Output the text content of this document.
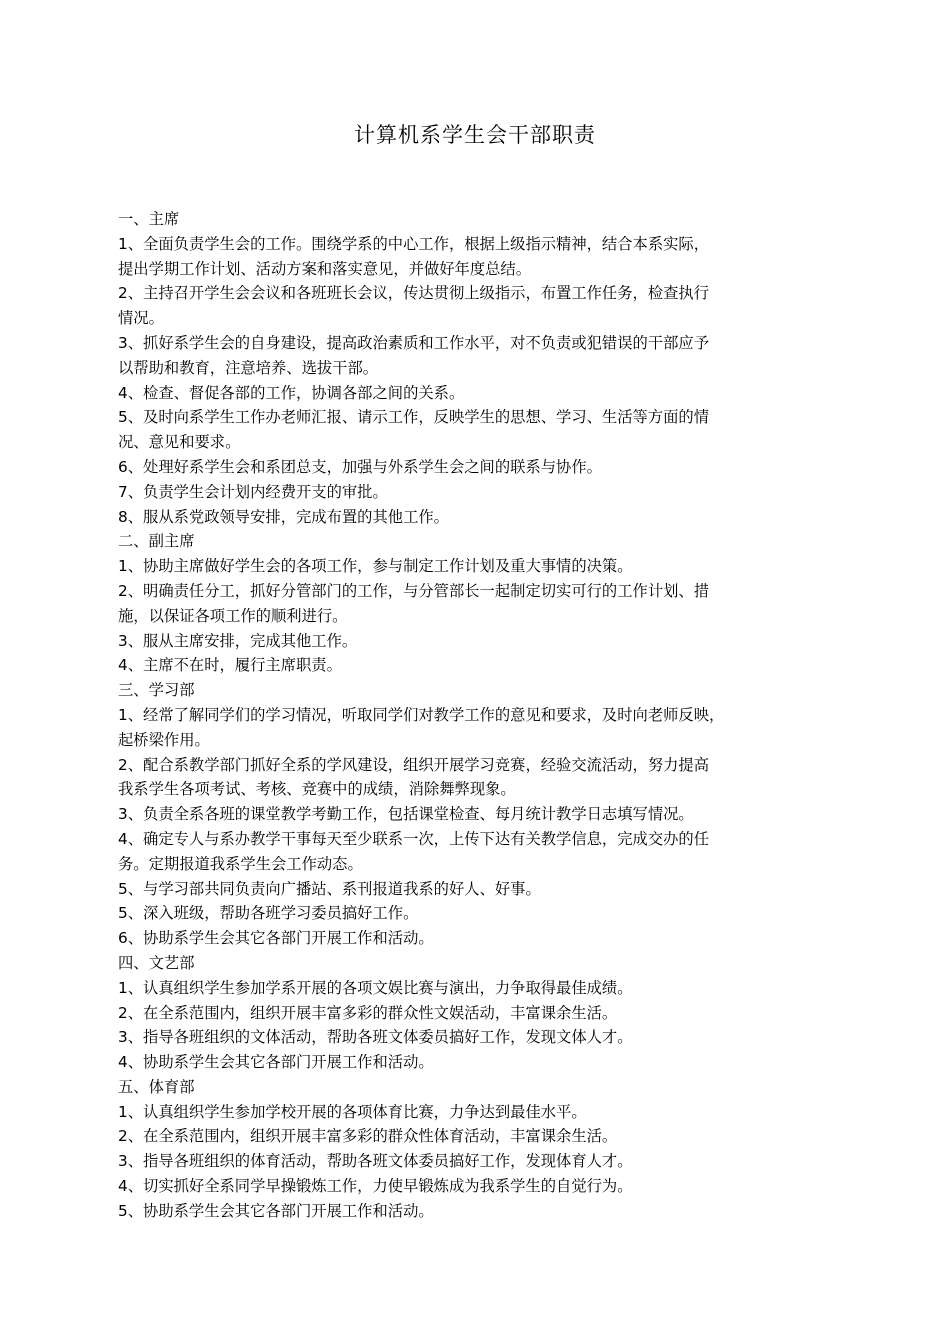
计算机系学生会干部职责
一、主席
1、全面负责学生会的工作。围绕学系的中心工作，根据上级指示精神，结合本系实际，
提出学期工作计划、活动方案和落实意见，并做好年度总结。
2、主持召开学生会会议和各班班长会议，传达贯彻上级指示，布置工作任务，检查执行
情况。
3、抓好系学生会的自身建设，提高政治素质和工作水平，对不负责或犯错误的干部应予
以帮助和教育，注意培养、选拔干部。
4、检查、督促各部的工作，协调各部之间的关系。
5、及时向系学生工作办老师汇报、请示工作，反映学生的思想、学习、生活等方面的情
况、意见和要求。
6、处理好系学生会和系团总支，加强与外系学生会之间的联系与协作。
7、负责学生会计划内经费开支的审批。
8、服从系党政领导安排，完成布置的其他工作。
二、副主席
1、协助主席做好学生会的各项工作，参与制定工作计划及重大事情的决策。
2、明确责任分工，抓好分管部门的工作，与分管部长一起制定切实可行的工作计划、措
施，以保证各项工作的顺利进行。
3、服从主席安排，完成其他工作。
4、主席不在时，履行主席职责。
三、学习部
1、经常了解同学们的学习情况，听取同学们对教学工作的意见和要求，及时向老师反映，
起桥梁作用。
2、配合系教学部门抓好全系的学风建设，组织开展学习竞赛，经验交流活动，努力提高
我系学生各项考试、考核、竞赛中的成绩，消除舞弊现象。
3、负责全系各班的课堂教学考勤工作，包括课堂检查、每月统计教学日志填写情况。
4、确定专人与系办教学干事每天至少联系一次，上传下达有关教学信息，完成交办的任
务。定期报道我系学生会工作动态。
5、与学习部共同负责向广播站、系刊报道我系的好人、好事。
5、深入班级，帮助各班学习委员搞好工作。
6、协助系学生会其它各部门开展工作和活动。
四、文艺部
1、认真组织学生参加学系开展的各项文娱比赛与演出，力争取得最佳成绩。
2、在全系范围内，组织开展丰富多彩的群众性文娱活动，丰富课余生活。
3、指导各班组织的文体活动，帮助各班文体委员搞好工作，发现文体人才。
4、协助系学生会其它各部门开展工作和活动。
五、体育部
1、认真组织学生参加学校开展的各项体育比赛，力争达到最佳水平。
2、在全系范围内，组织开展丰富多彩的群众性体育活动，丰富课余生活。
3、指导各班组织的体育活动，帮助各班文体委员搞好工作，发现体育人才。
4、切实抓好全系同学早操锻炼工作，力使早锻炼成为我系学生的自觉行为。
5、协助系学生会其它各部门开展工作和活动。
